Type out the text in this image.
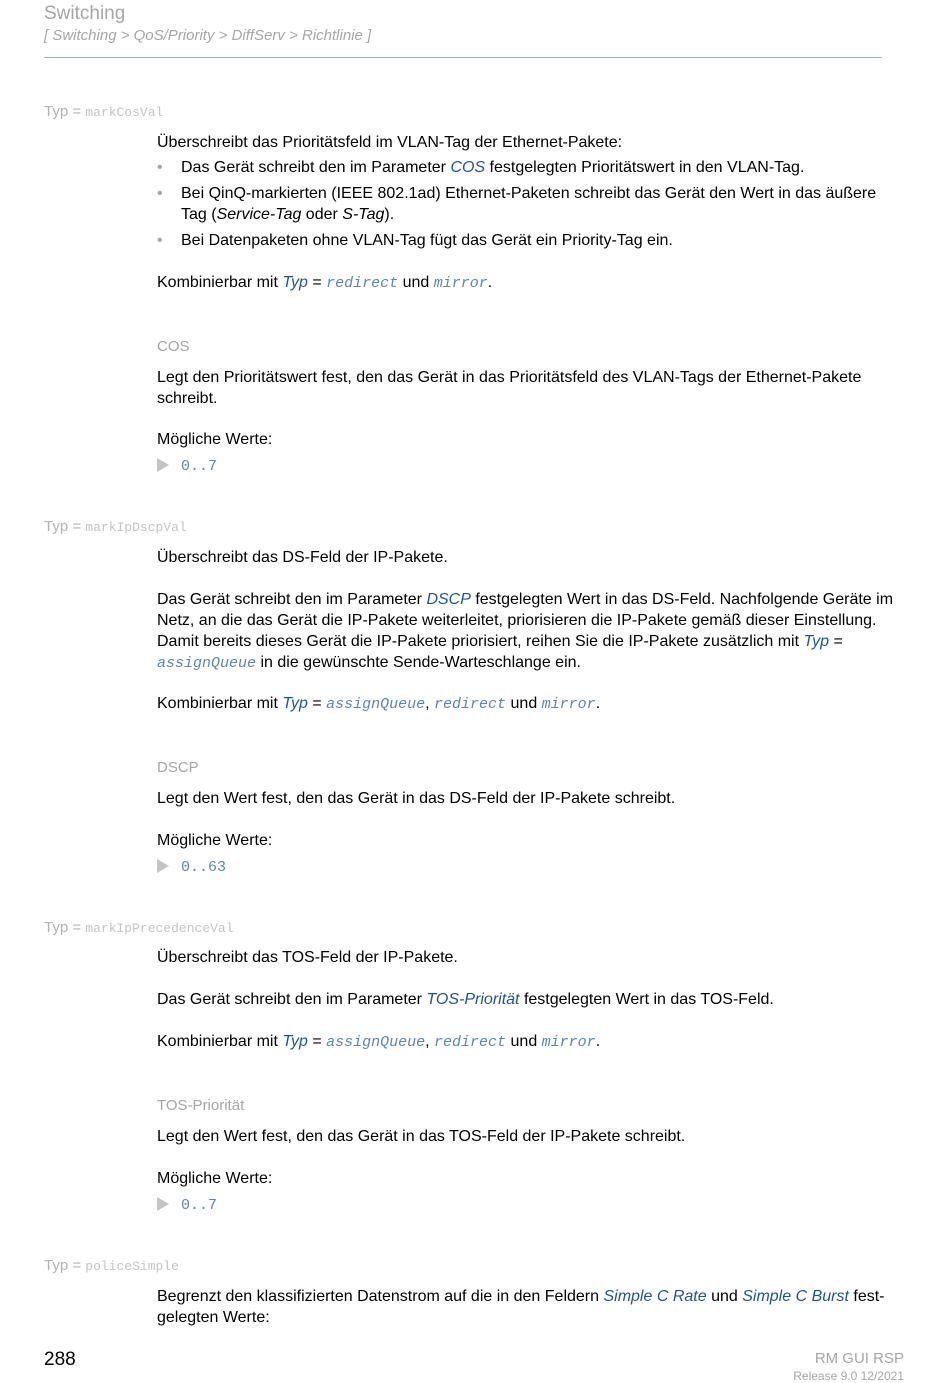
Switching
[ Switching > QoS/Priority > DiffServ > Richtlinie ]
Typ = markCosVal
Überschreibt das Prioritätsfeld im VLAN-Tag der Ethernet-Pakete:
•	Das Gerät schreibt den im Parameter COS festgelegten Prioritätswert in den VLAN-Tag.
•	Bei QinQ-markierten (IEEE 802.1ad) Ethernet-Paketen schreibt das Gerät den Wert in das äußere Tag (Service-Tag oder S-Tag).
•	Bei Datenpaketen ohne VLAN-Tag fügt das Gerät ein Priority-Tag ein.
Kombinierbar mit Typ = redirect und mirror.
COS
Legt den Prioritätswert fest, den das Gerät in das Prioritätsfeld des VLAN-Tags der Ethernet-Pakete schreibt.
Mögliche Werte:
0..7
Typ = markIpDscpVal
Überschreibt das DS-Feld der IP-Pakete.
Das Gerät schreibt den im Parameter DSCP festgelegten Wert in das DS-Feld. Nachfolgende Geräte im Netz, an die das Gerät die IP-Pakete weiterleitet, priorisieren die IP-Pakete gemäß dieser Einstellung. Damit bereits dieses Gerät die IP-Pakete priorisiert, reihen Sie die IP-Pakete zusätzlich mit Typ = assignQueue in die gewünschte Sende-Warteschlange ein.
Kombinierbar mit Typ = assignQueue, redirect und mirror.
DSCP
Legt den Wert fest, den das Gerät in das DS-Feld der IP-Pakete schreibt.
Mögliche Werte:
0..63
Typ = markIpPrecedenceVal
Überschreibt das TOS-Feld der IP-Pakete.
Das Gerät schreibt den im Parameter TOS-Priorität festgelegten Wert in das TOS-Feld.
Kombinierbar mit Typ = assignQueue, redirect und mirror.
TOS-Priorität
Legt den Wert fest, den das Gerät in das TOS-Feld der IP-Pakete schreibt.
Mögliche Werte:
0..7
Typ = policeSimple
Begrenzt den klassifizierten Datenstrom auf die in den Feldern Simple C Rate und Simple C Burst fest-gelegten Werte:
288	RM GUI RSP
Release 9.0 12/2021
